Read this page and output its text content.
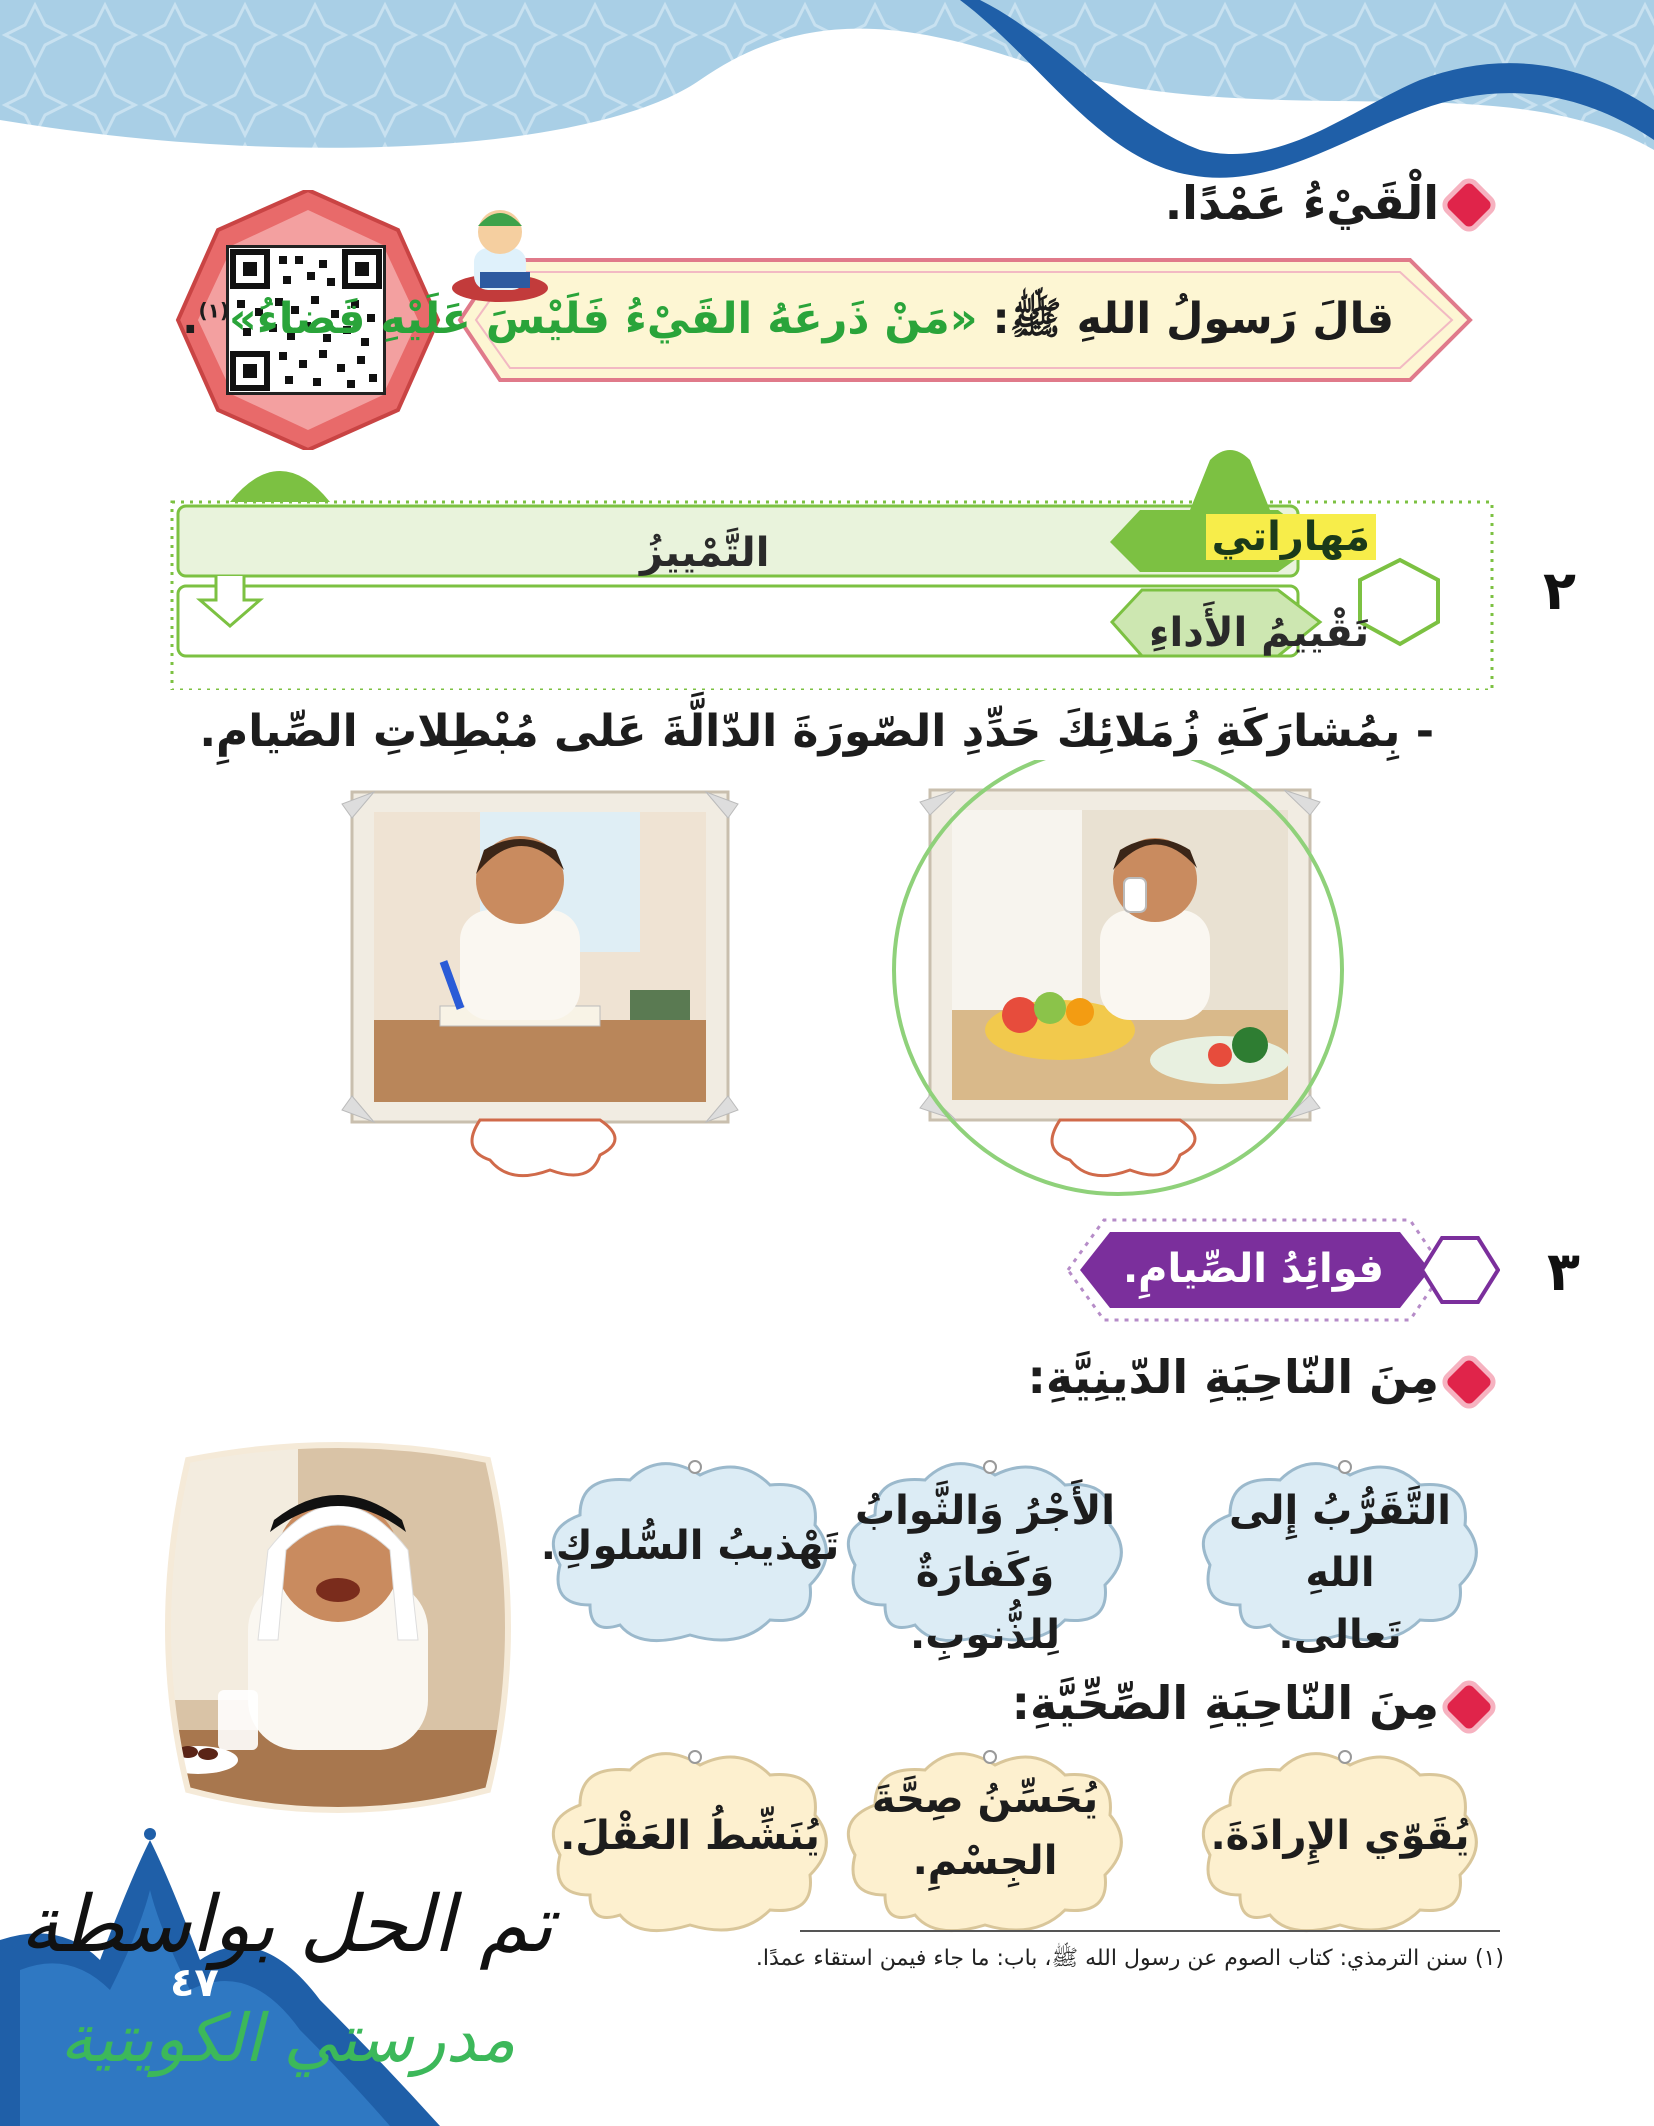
الْقَيْءُ عَمْدًا.
قالَ رَسولُ اللهِ ﷺ: «مَنْ ذَرعَهُ القَيْءُ فَلَيْسَ عَلَيْهِ قَضاءُ»$^{(١)}$.
مَهاراتي
التَّمْييزُ
تَقْييمُ الأَداءِ
٢
- بِمُشارَكَةِ زُمَلائِكَ حَدِّدِ الصّورَةَ الدّالَّةَ عَلى مُبْطِلاتِ الصِّيامِ.
فوائِدُ الصِّيامِ.	٣
مِنَ النّاحِيَةِ الدّينِيَّةِ:
التَّقَرُّبُ إِلى اللهِ
تَعالى.
الأَجْرُ وَالثَّوابُ
وَكَفارَةٌ لِلذُّنوبِ.
تَهْذيبُ السُّلوكِ.
مِنَ النّاحِيَةِ الصِّحِّيَّةِ:
يُقَوّي الإِرادَةَ.
يُحَسِّنُ صِحَّةَ
الجِسْمِ.
يُنَشِّطُ العَقْلَ.
(١) سنن الترمذي: كتاب الصوم عن رسول الله ﷺ، باب: ما جاء فيمن استقاء عمدًا.
٤٧
تم الحل بواسطة
مدرستي الكويتية
